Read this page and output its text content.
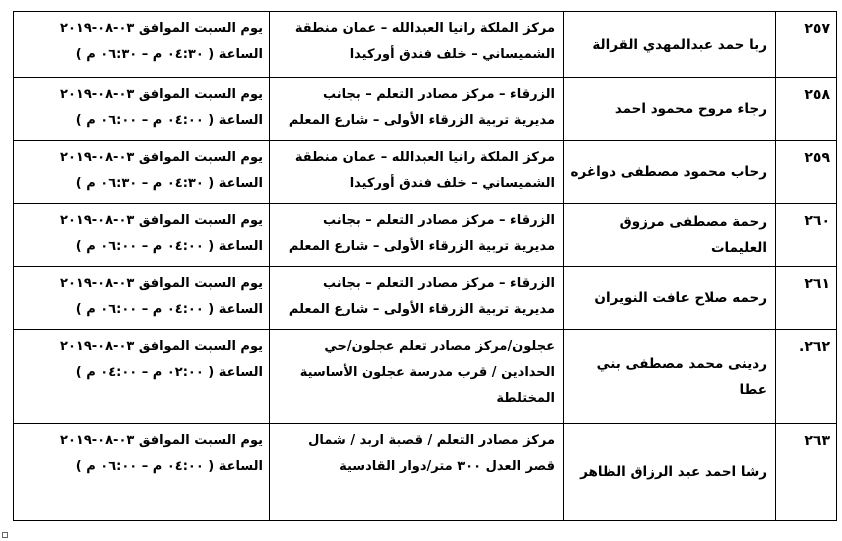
٢٥٧	ربا حمد عبدالمهدي القرالة	مركز الملكة رانيا العبدالله – عمان منطقة
الشميساني – خلف فندق أوركيدا	يوم السبت الموافق ٠٣-٠٨-٢٠١٩
الساعة ( ٠٤:٣٠ م – ٠٦:٣٠ م )

٢٥٨	رجاء مروح محمود احمد	الزرقاء – مركز مصادر التعلم – بجانب
مديرية تربية الزرقاء الأولى – شارع المعلم	يوم السبت الموافق ٠٣-٠٨-٢٠١٩
الساعة ( ٠٤:٠٠ م – ٠٦:٠٠ م )

٢٥٩	رحاب محمود مصطفى دواغره	مركز الملكة رانيا العبدالله – عمان منطقة
الشميساني – خلف فندق أوركيدا	يوم السبت الموافق ٠٣-٠٨-٢٠١٩
الساعة ( ٠٤:٣٠ م – ٠٦:٣٠ م )

٢٦٠	رحمة مصطفى مرزوق العليمات	الزرقاء – مركز مصادر التعلم – بجانب
مديرية تربية الزرقاء الأولى – شارع المعلم	يوم السبت الموافق ٠٣-٠٨-٢٠١٩
الساعة ( ٠٤:٠٠ م – ٠٦:٠٠ م )

٢٦١	رحمه صلاح عافت النويران	الزرقاء – مركز مصادر التعلم – بجانب
مديرية تربية الزرقاء الأولى – شارع المعلم	يوم السبت الموافق ٠٣-٠٨-٢٠١٩
الساعة ( ٠٤:٠٠ م – ٠٦:٠٠ م )

٢٦٢.	ردينى محمد مصطفى بني عطا	عجلون/مركز مصادر تعلم عجلون/حي
الحدادين / قرب مدرسة عجلون الأساسية
المختلطة	يوم السبت الموافق ٠٣-٠٨-٢٠١٩
الساعة ( ٠٢:٠٠ م – ٠٤:٠٠ م )

٢٦٣	رشا احمد عبد الرزاق الظاهر	مركز مصادر التعلم / قصبة اربد / شمال
قصر العدل ٣٠٠ متر/دوار القادسية	يوم السبت الموافق ٠٣-٠٨-٢٠١٩
الساعة ( ٠٤:٠٠ م – ٠٦:٠٠ م )
